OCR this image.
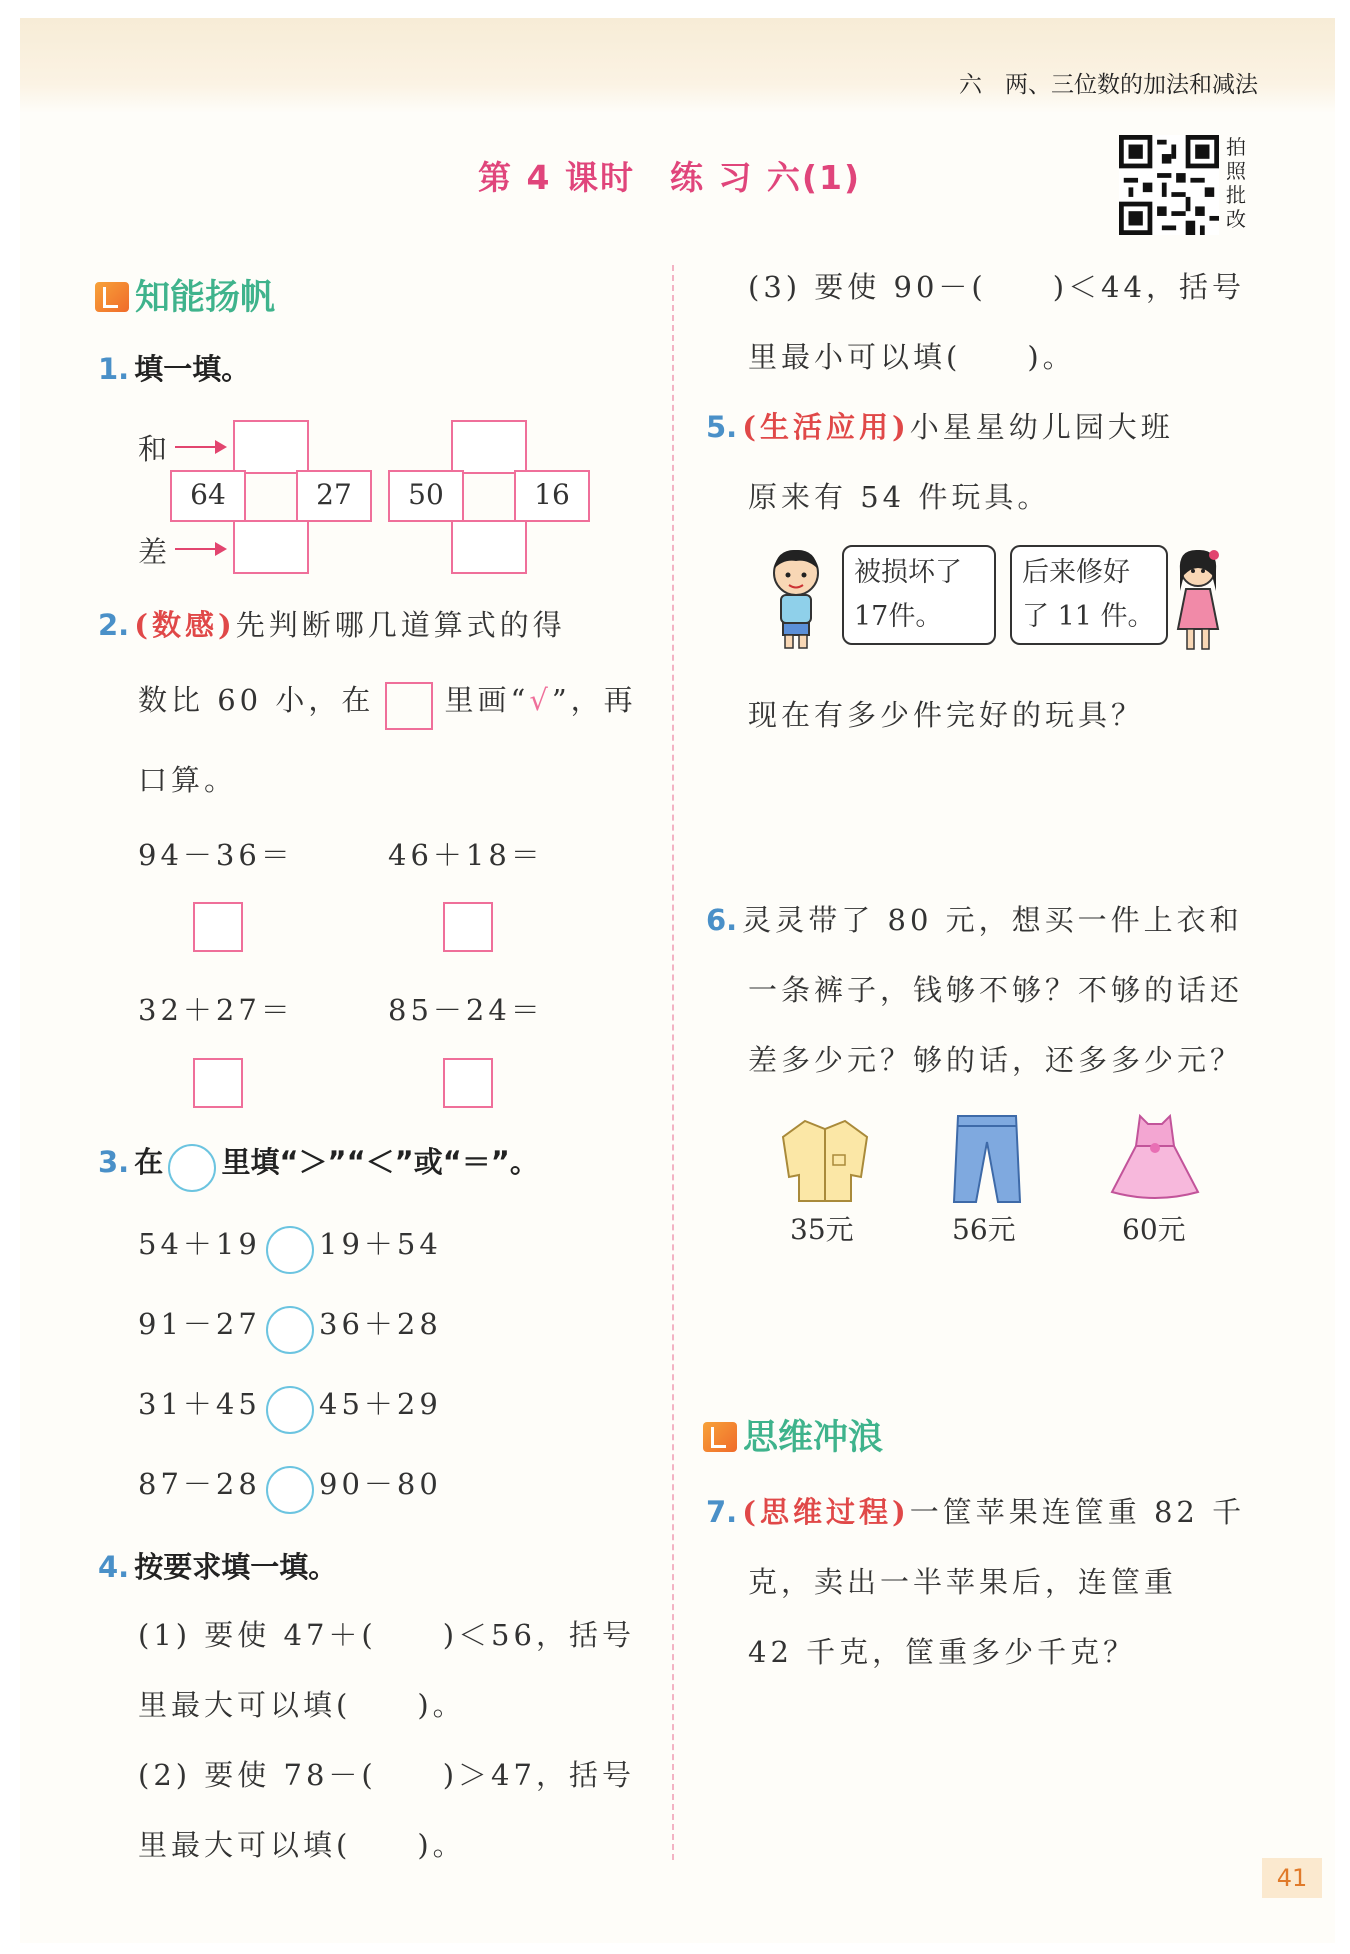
六　两、三位数的加法和减法
第 4 课时　练 习 六(1)
拍照批改
知能扬帆
1. 填一填。
和
差
64	27	50	16
2. (数感)先判断哪几道算式的得
数比 60 小，在 里画“√”，再
口算。
94－36＝	46＋18＝
32＋27＝	85－24＝
3. 在 里填“＞”“＜”或“＝”。
54＋19 19＋54
91－27 36＋28
31＋45 45＋29
87－28 90－80
4. 按要求填一填。
(1) 要使 47＋(　　)＜56，括号
里最大可以填(　　)。
(2) 要使 78－(　　)＞47，括号
里最大可以填(　　)。
(3) 要使 90－(　　)＜44，括号
里最小可以填(　　)。
5. (生活应用)小星星幼儿园大班
原来有 54 件玩具。
被损坏了
17件。
后来修好
了 11 件。
现在有多少件完好的玩具？
6. 灵灵带了 80 元，想买一件上衣和
一条裤子，钱够不够？不够的话还
差多少元？够的话，还多多少元？
35元	56元	60元
思维冲浪
7. (思维过程)一筐苹果连筐重 82 千
克，卖出一半苹果后，连筐重
42 千克，筐重多少千克？
41
